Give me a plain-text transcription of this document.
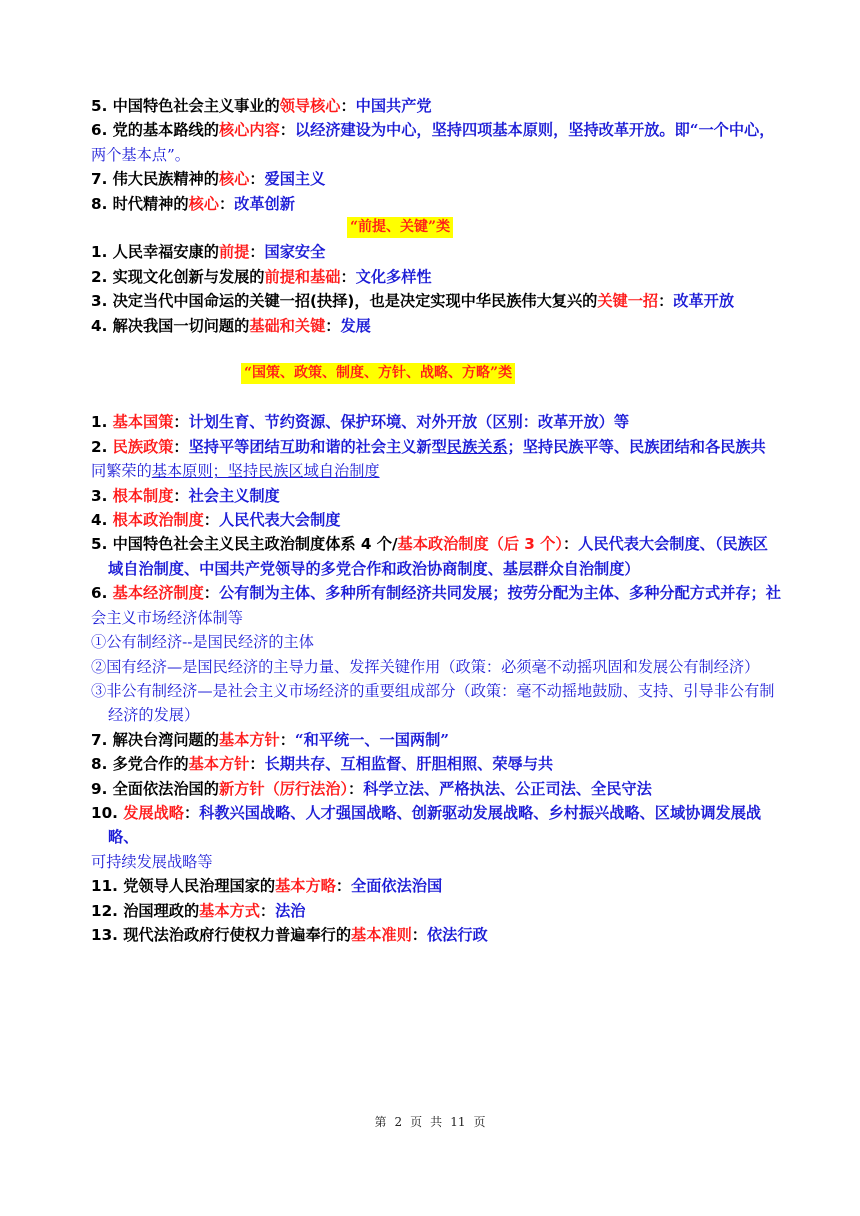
5. 中国特色社会主义事业的领导核心：中国共产党
6. 党的基本路线的核心内容：以经济建设为中心，坚持四项基本原则，坚持改革开放。即“一个中心，
两个基本点”。
7. 伟大民族精神的核心：爱国主义
8. 时代精神的核心：改革创新
“前提、关键”类
1. 人民幸福安康的前提：国家安全
2. 实现文化创新与发展的前提和基础：文化多样性
3. 决定当代中国命运的关键一招(抉择)，也是决定实现中华民族伟大复兴的关键一招：改革开放
4. 解决我国一切问题的基础和关键：发展
“国策、政策、制度、方针、战略、方略”类
1. 基本国策：计划生育、节约资源、保护环境、对外开放（区别：改革开放）等
2. 民族政策：坚持平等团结互助和谐的社会主义新型民族关系；坚持民族平等、民族团结和各民族共
同繁荣的基本原则；坚持民族区域自治制度
3. 根本制度：社会主义制度
4. 根本政治制度：人民代表大会制度
5. 中国特色社会主义民主政治制度体系 4 个/基本政治制度（后 3 个）：人民代表大会制度、（民族区域自治制度、中国共产党领导的多党合作和政治协商制度、基层群众自治制度）
6. 基本经济制度：公有制为主体、多种所有制经济共同发展；按劳分配为主体、多种分配方式并存；社
会主义市场经济体制等
①公有制经济--是国民经济的主体
②国有经济—是国民经济的主导力量、发挥关键作用（政策：必须毫不动摇巩固和发展公有制经济）
③非公有制经济—是社会主义市场经济的重要组成部分（政策：毫不动摇地鼓励、支持、引导非公有制经济的发展）
7. 解决台湾问题的基本方针：“和平统一、一国两制”
8. 多党合作的基本方针：长期共存、互相监督、肝胆相照、荣辱与共
9. 全面依法治国的新方针（厉行法治）：科学立法、严格执法、公正司法、全民守法
10. 发展战略：科教兴国战略、人才强国战略、创新驱动发展战略、乡村振兴战略、区域协调发展战略、
可持续发展战略等
11. 党领导人民治理国家的基本方略：全面依法治国
12. 治国理政的基本方式：法治
13. 现代法治政府行使权力普遍奉行的基本准则：依法行政
第 2 页 共 11 页
